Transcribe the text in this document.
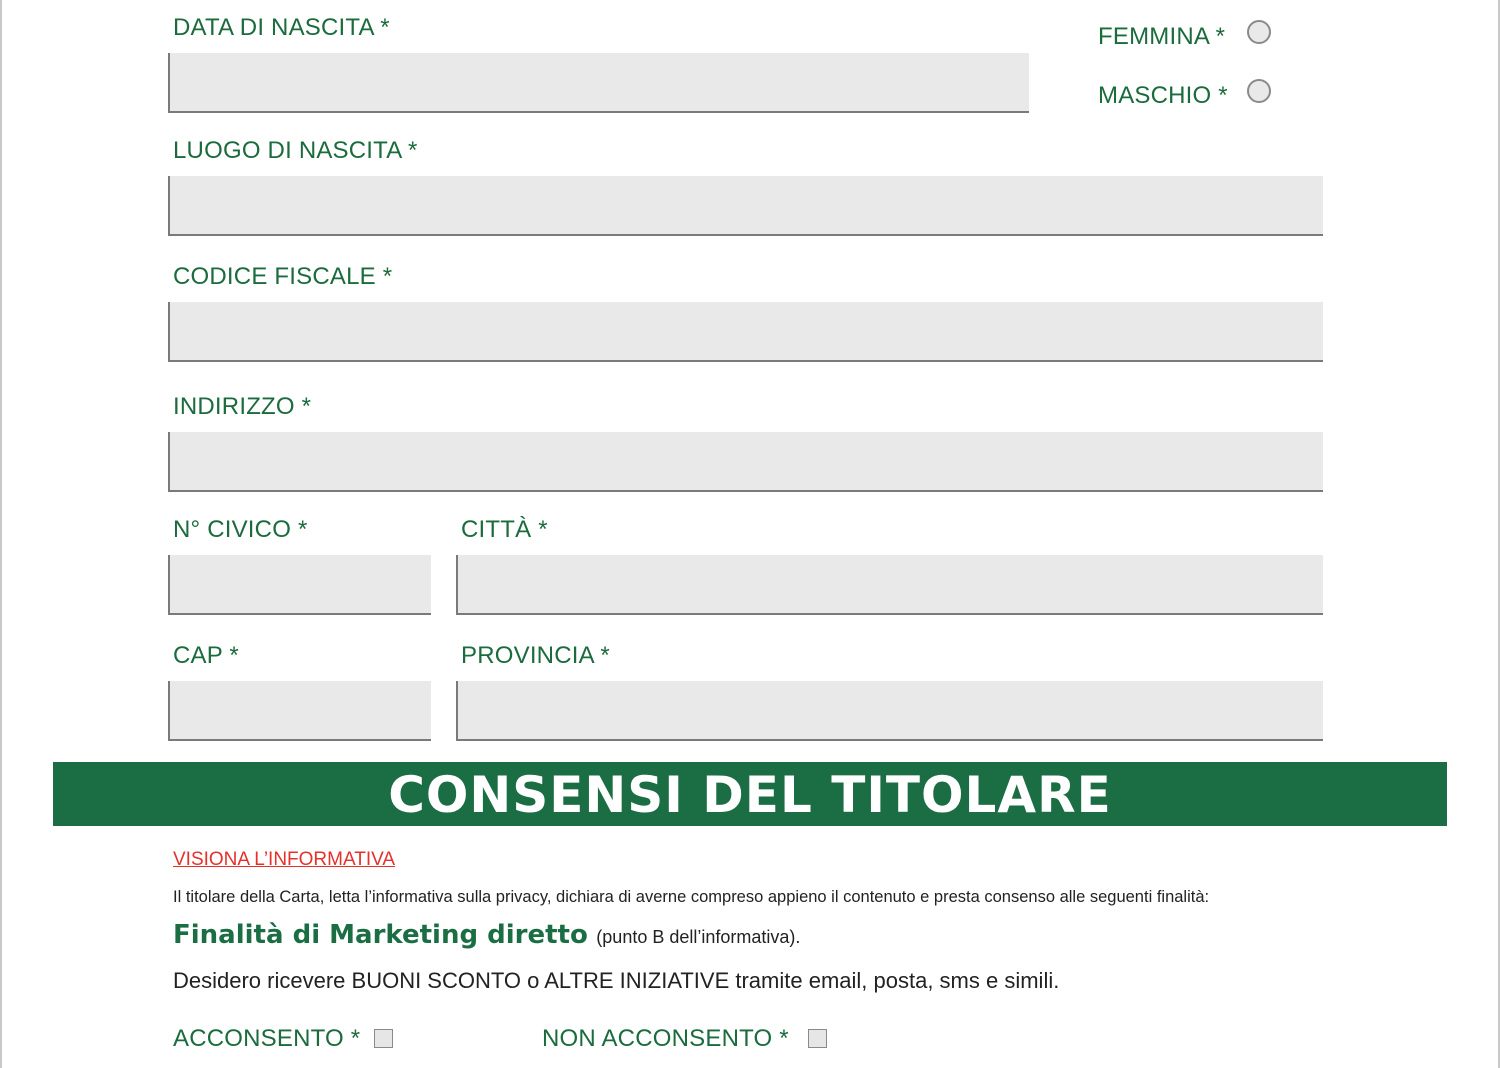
DATA DI NASCITA *	FEMMINA *
MASCHIO *
LUOGO DI NASCITA *
CODICE FISCALE *
INDIRIZZO *
N° CIVICO *	CITTÀ *
CAP *	PROVINCIA *
CONSENSI DEL TITOLARE
VISIONA L’INFORMATIVA
Il titolare della Carta, letta l’informativa sulla privacy, dichiara di averne compreso appieno il contenuto e presta consenso alle seguenti finalità:
Finalità di Marketing diretto (punto B dell’informativa).
Desidero ricevere BUONI SCONTO o ALTRE INIZIATIVE tramite email, posta, sms e simili.
ACCONSENTO *	NON ACCONSENTO *
